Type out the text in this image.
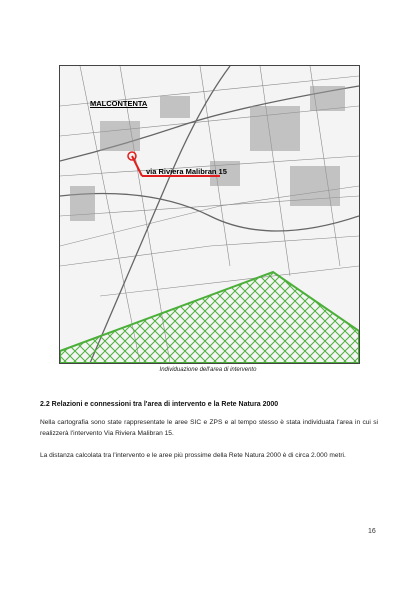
MALCONTENTA
via Riviera Malibran 15
Individuazione dell'area di intervento
2.2 Relazioni e connessioni tra l'area di intervento e la Rete Natura 2000
Nella cartografia sono state rappresentate le aree SIC e ZPS e al tempo stesso è stata individuata l'area in cui si realizzerà l'intervento Via Riviera Malibran 15.
La distanza calcolata tra l'intervento e le aree più prossime della Rete Natura 2000 è di circa 2.000 metri.
16
